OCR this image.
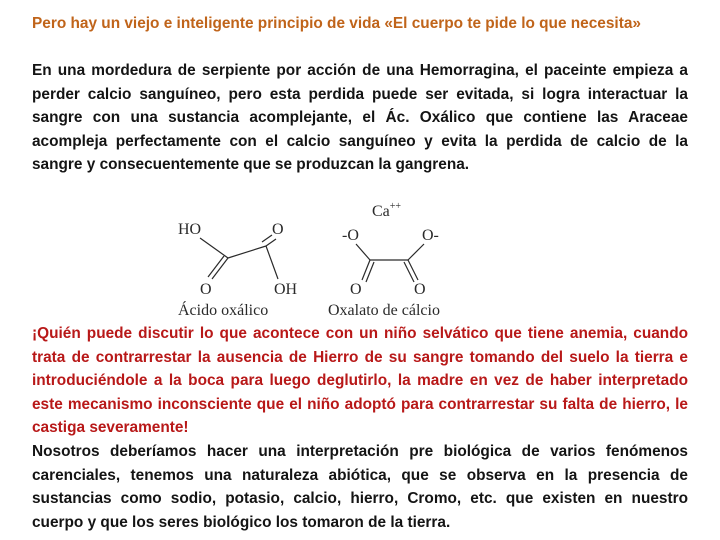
Pero hay un viejo e inteligente principio de vida «El cuerpo te pide lo que necesita»

En una mordedura de serpiente por acción de una Hemorragina, el paceinte empieza a perder calcio sanguíneo, pero esta perdida puede ser evitada, si logra interactuar la sangre con una sustancia acomplejante, el Ác. Oxálico que contiene las Araceae acompleja perfectamente con el calcio sanguíneo y evita la perdida de calcio de la sangre y consecuentemente que se produzcan la gangrena.

HO	O
O	OH
Ácido oxálico
Ca++
-O	O-
O	O
Oxalato de cálcio

¡Quién puede discutir lo que acontece con un niño selvático que tiene anemia, cuando trata de contrarrestar la ausencia de Hierro de su sangre tomando del suelo la tierra e introduciéndole a la boca para luego deglutirlo, la madre en vez de haber interpretado este mecanismo inconsciente que el niño adoptó para contrarrestar su falta de hierro, le castiga severamente!

Nosotros deberíamos hacer una interpretación pre biológica de varios fenómenos carenciales, tenemos una naturaleza abiótica, que se observa en la presencia de sustancias como sodio, potasio, calcio, hierro, Cromo, etc. que existen en nuestro cuerpo y que los seres biológico los tomaron de la tierra.
